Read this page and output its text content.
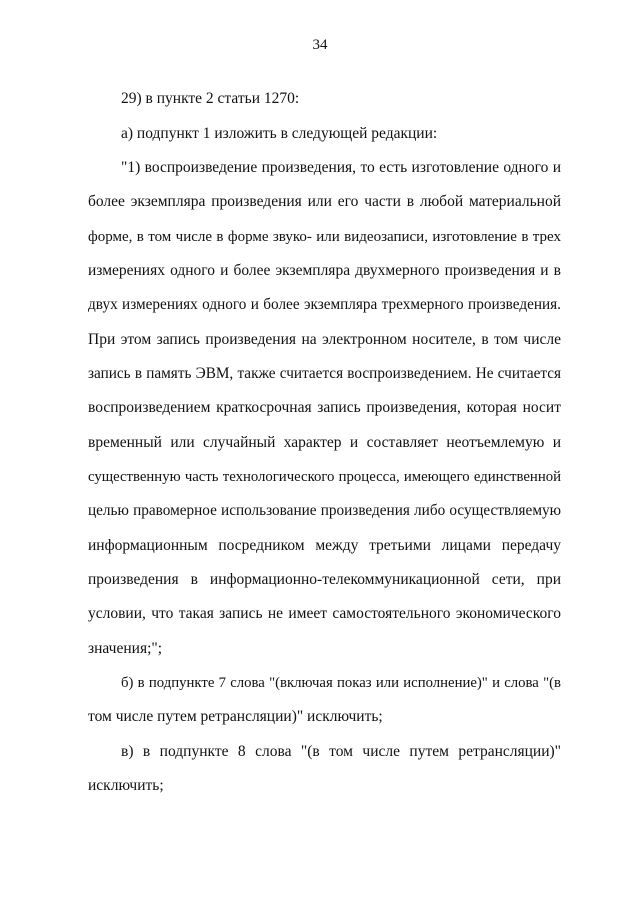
34
29) в пункте 2 статьи 1270:
а) подпункт 1 изложить в следующей редакции:
"1) воспроизведение произведения, то есть изготовление одного и
более экземпляра произведения или его части в любой материальной
форме, в том числе в форме звуко- или видеозаписи, изготовление в трех
измерениях одного и более экземпляра двухмерного произведения и в
двух измерениях одного и более экземпляра трехмерного произведения.
При этом запись произведения на электронном носителе, в том числе
запись в память ЭВМ, также считается воспроизведением. Не считается
воспроизведением краткосрочная запись произведения, которая носит
временный или случайный характер и составляет неотъемлемую и
существенную часть технологического процесса, имеющего единственной
целью правомерное использование произведения либо осуществляемую
информационным посредником между третьими лицами передачу
произведения в информационно-телекоммуникационной сети, при
условии, что такая запись не имеет самостоятельного экономического
значения;";
б) в подпункте 7 слова "(включая показ или исполнение)" и слова "(в
том числе путем ретрансляции)" исключить;
в) в подпункте 8 слова "(в том числе путем ретрансляции)"
исключить;
